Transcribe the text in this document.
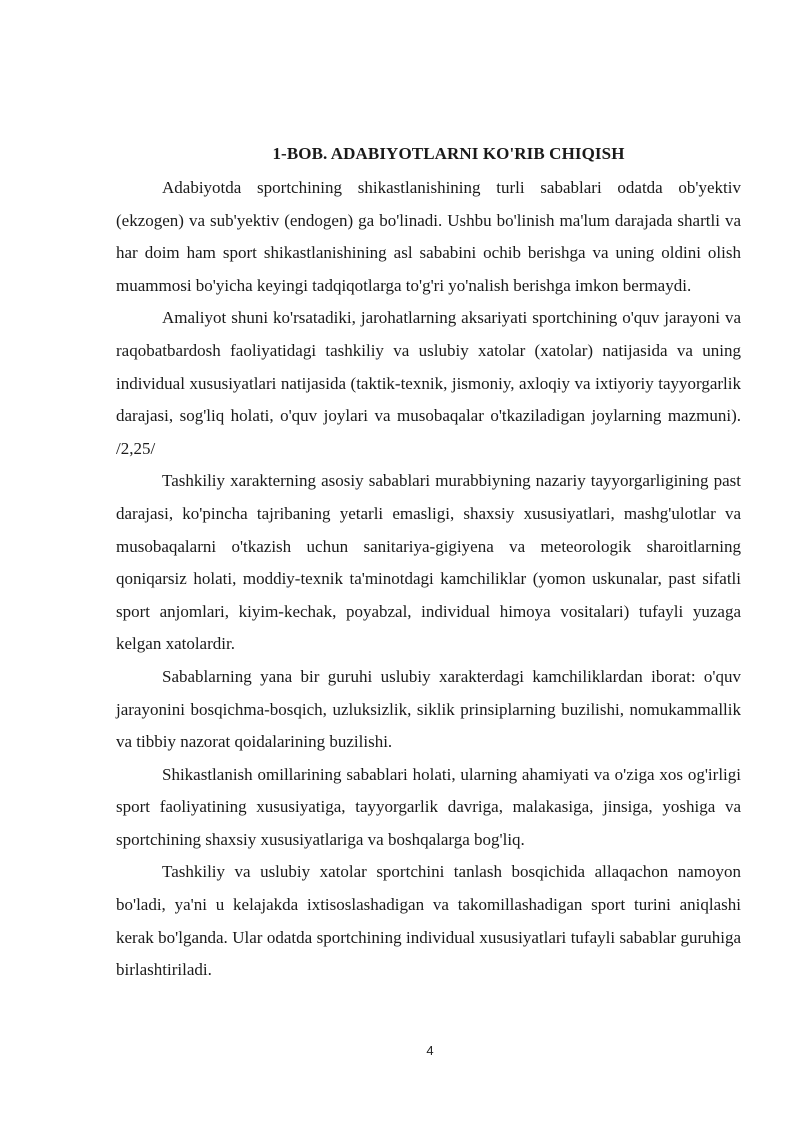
1-BOB. ADABIYOTLARNI KO'RIB CHIQISH

Adabiyotda sportchining shikastlanishining turli sabablari odatda ob'yektiv (ekzogen) va sub'yektiv (endogen) ga bo'linadi. Ushbu bo'linish ma'lum darajada shartli va har doim ham sport shikastlanishining asl sababini ochib berishga va uning oldini olish muammosi bo'yicha keyingi tadqiqotlarga to'g'ri yo'nalish berishga imkon bermaydi.

Amaliyot shuni ko'rsatadiki, jarohatlarning aksariyati sportchining o'quv jarayoni va raqobatbardosh faoliyatidagi tashkiliy va uslubiy xatolar (xatolar) natijasida va uning individual xususiyatlari natijasida (taktik-texnik, jismoniy, axloqiy va ixtiyoriy tayyorgarlik darajasi, sog'liq holati, o'quv joylari va musobaqalar o'tkaziladigan joylarning mazmuni). /2,25/

Tashkiliy xarakterning asosiy sabablari murabbiyning nazariy tayyorgarligining past darajasi, ko'pincha tajribaning yetarli emasligi, shaxsiy xususiyatlari, mashg'ulotlar va musobaqalarni o'tkazish uchun sanitariya-gigiyena va meteorologik sharoitlarning qoniqarsiz holati, moddiy-texnik ta'minotdagi kamchiliklar (yomon uskunalar, past sifatli sport anjomlari, kiyim-kechak, poyabzal, individual himoya vositalari) tufayli yuzaga kelgan xatolardir.

Sabablarning yana bir guruhi uslubiy xarakterdagi kamchiliklardan iborat: o'quv jarayonini bosqichma-bosqich, uzluksizlik, siklik prinsiplarning buzilishi, nomukammallik va tibbiy nazorat qoidalarining buzilishi.

Shikastlanish omillarining sabablari holati, ularning ahamiyati va o'ziga xos og'irligi sport faoliyatining xususiyatiga, tayyorgarlik davriga, malakasiga, jinsiga, yoshiga va sportchining shaxsiy xususiyatlariga va boshqalarga bog'liq.

Tashkiliy va uslubiy xatolar sportchini tanlash bosqichida allaqachon namoyon bo'ladi, ya'ni u kelajakda ixtisoslashadigan va takomillashadigan sport turini aniqlashi kerak bo'lganda. Ular odatda sportchining individual xususiyatlari tufayli sabablar guruhiga birlashtiriladi.

4
